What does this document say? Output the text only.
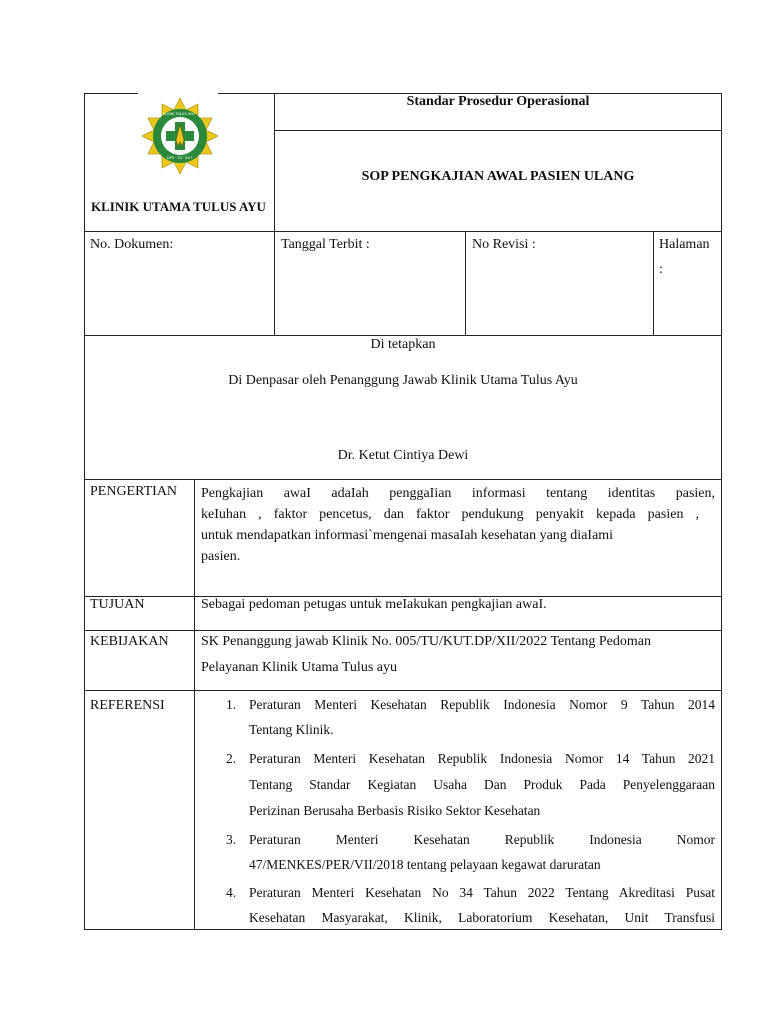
KLINIK TULUS AYU
DPS · TU · KUT
KLINIK UTAMA TULUS AYU
Standar Prosedur Operasional
SOP PENGKAJIAN AWAL PASIEN ULANG
No. Dokumen:	Tanggal Terbit :	No Revisi :	Halaman
:
Di tetapkan
Di Denpasar oleh Penanggung Jawab Klinik Utama Tulus Ayu
Dr. Ketut Cintiya Dewi
PENGERTIAN Pengkajian awaI adaIah penggaIian informasi tentang identitas pasien,
keIuhan , faktor pencetus, dan faktor pendukung penyakit kepada pasien ,
untuk mendapatkan informasi`mengenai masaIah kesehatan yang diaIami
pasien.
TUJUAN	Sebagai pedoman petugas untuk meIakukan pengkajian awaI.
KEBIJAKAN SK Penanggung jawab Klinik No. 005/TU/KUT.DP/XII/2022 Tentang Pedoman
Pelayanan Klinik Utama Tulus ayu
REFERENSI	1. Peraturan Menteri Kesehatan Republik Indonesia Nomor 9 Tahun 2014
Tentang Klinik.
2. Peraturan Menteri Kesehatan Republik Indonesia Nomor 14 Tahun 2021
Tentang Standar Kegiatan Usaha Dan Produk Pada Penyelenggaraan
Perizinan Berusaha Berbasis Risiko Sektor Kesehatan
3. Peraturan Menteri Kesehatan Republik Indonesia Nomor
47/MENKES/PER/VII/2018 tentang pelayaan kegawat daruratan
4. Peraturan Menteri Kesehatan No 34 Tahun 2022 Tentang Akreditasi Pusat
Kesehatan Masyarakat, Klinik, Laboratorium Kesehatan, Unit Transfusi
